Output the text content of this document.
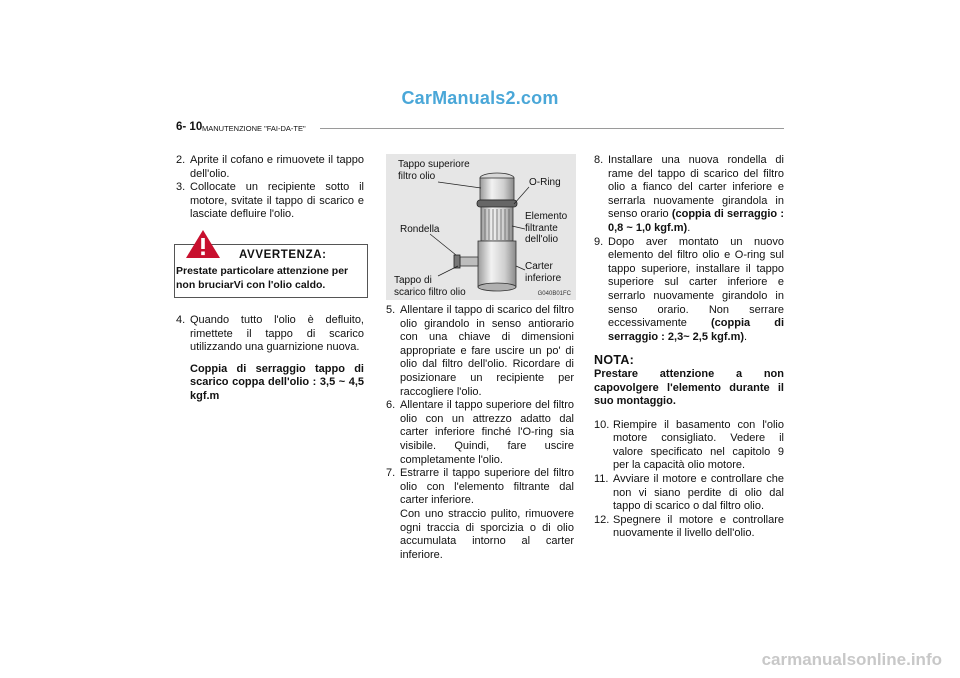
CarManuals2.com
6- 10 MANUTENZIONE "FAI-DA-TE"

2. Aprite il cofano e rimuovete il tappo dell'olio.

3. Collocate un recipiente sotto il motore, svitate il tappo di scarico e lasciate defluire l'olio.

AVVERTENZA:
Prestate particolare attenzione per non bruciarVi con l'olio caldo.

4. Quando tutto l'olio è defluito, rimettete il tappo di scarico utilizzando una guarnizione nuova.

Coppia di serraggio tappo di scarico coppa dell'olio : 3,5 ~ 4,5 kgf.m

Tappo superiore
filtro olio
O-Ring
Rondella
Elemento
filtrante
dell'olio
Carter
inferiore
Tappo di
scarico filtro olio	G040B01FC

5. Allentare il tappo di scarico del filtro olio girandolo in senso antiorario con una chiave di dimensioni appropriate e fare uscire un po' di olio dal filtro dell'olio. Ricordare di posizionare un recipiente per raccogliere l'olio.

6. Allentare il tappo superiore del filtro olio con un attrezzo adatto dal carter inferiore finché l'O-ring sia visibile. Quindi, fare uscire completamente l'olio.

7. Estrarre il tappo superiore del filtro olio con l'elemento filtrante dal carter inferiore.
Con uno straccio pulito, rimuovere ogni traccia di sporcizia o di olio accumulata intorno al carter inferiore.

8. Installare una nuova rondella di rame del tappo di scarico del filtro olio a fianco del carter inferiore e serrarla nuovamente girandola in senso orario (coppia di serraggio : 0,8 ~ 1,0 kgf.m).

9. Dopo aver montato un nuovo elemento del filtro olio e O-ring sul tappo superiore, installare il tappo superiore sul carter inferiore e serrarlo nuovamente girandolo in senso orario. Non serrare eccessivamente (coppia di serraggio : 2,3~ 2,5 kgf.m).

NOTA:

Prestare attenzione a non capovolgere l'elemento durante il suo montaggio.

10. Riempire il basamento con l'olio motore consigliato. Vedere il valore specificato nel capitolo 9 per la capacità olio motore.

11. Avviare il motore e controllare che non vi siano perdite di olio dal tappo di scarico o dal filtro olio.

12. Spegnere il motore e controllare nuovamente il livello dell'olio.

carmanualsonline.info
